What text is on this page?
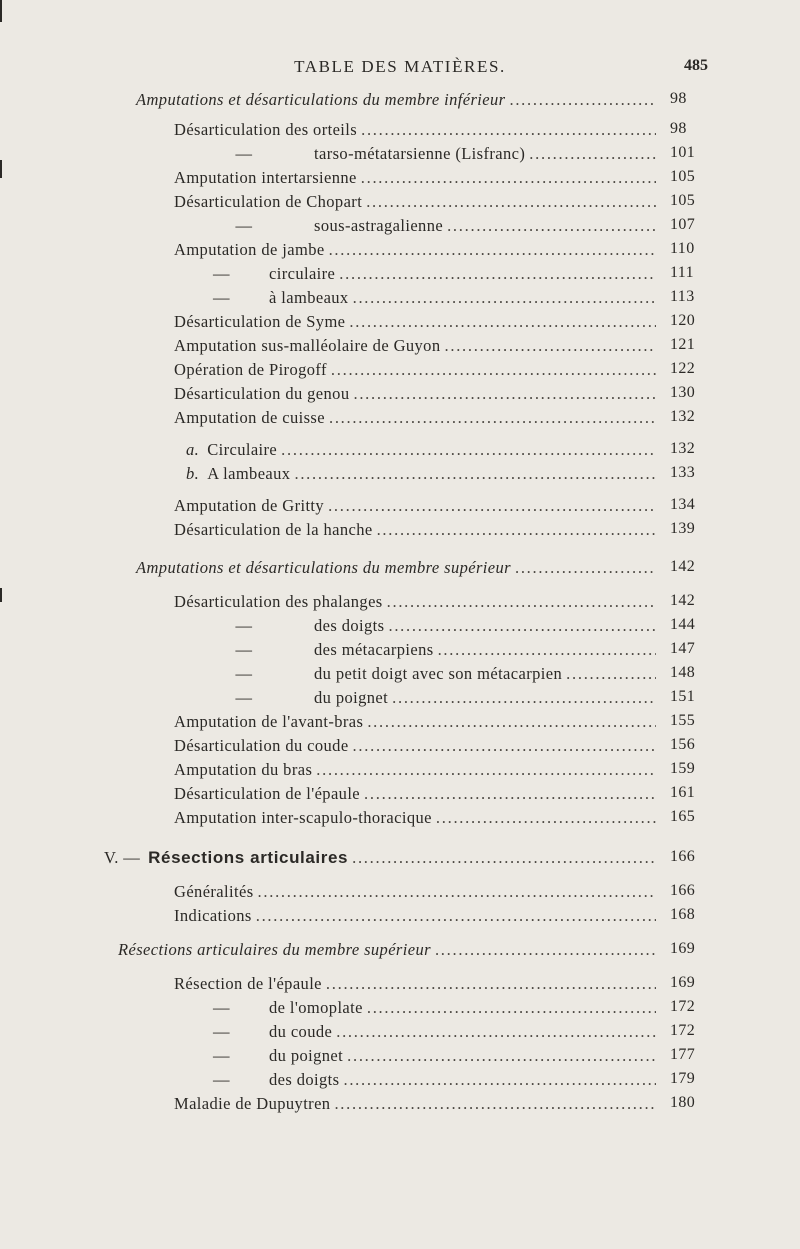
TABLE DES MATIÈRES.	485
Amputations et désarticulations du membre inférieur . . .	98
Désarticulation des orteils . . .	98
—	tarso-métatarsienne (Lisfranc) . . .	101
Amputation intertarsienne . . .	105
Désarticulation de Chopart . . .	105
—	sous-astragalienne . . .	107
Amputation de jambe . . .	110
—	circulaire . . .	111
—	à lambeaux . . .	113
Désarticulation de Syme . . .	120
Amputation sus-malléolaire de Guyon . . .	121
Opération de Pirogoff . . .	122
Désarticulation du genou . . .	130
Amputation de cuisse . . .	132
a. Circulaire . . .	132
b. A lambeaux . . .	133
Amputation de Gritty . . .	134
Désarticulation de la hanche . . .	139
Amputations et désarticulations du membre supérieur . . .	142
Désarticulation des phalanges . . .	142
—	des doigts . . .	144
—	des métacarpiens . . .	147
—	du petit doigt avec son métacarpien . . .	148
—	du poignet . . .	151
Amputation de l'avant-bras . . .	155
Désarticulation du coude . . .	156
Amputation du bras . . .	159
Désarticulation de l'épaule . . .	161
Amputation inter-scapulo-thoracique . . .	165
V. — Résections articulaires . . .	166
Généralités . . .	166
Indications . . .	168
Résections articulaires du membre supérieur . . .	169
Résection de l'épaule . . .	169
—	de l'omoplate . . .	172
—	du coude . . .	172
—	du poignet . . .	177
—	des doigts . . .	179
Maladie de Dupuytren . . .	180
